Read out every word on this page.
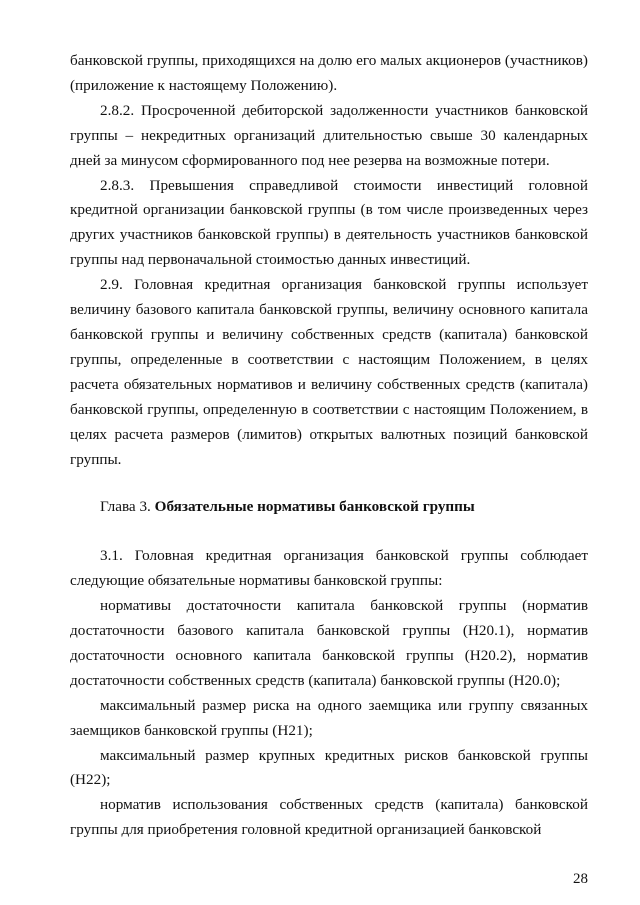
банковской группы, приходящихся на долю его малых акционеров (участников) (приложение к настоящему Положению).

2.8.2. Просроченной дебиторской задолженности участников банковской группы – некредитных организаций длительностью свыше 30 календарных дней за минусом сформированного под нее резерва на возможные потери.

2.8.3. Превышения справедливой стоимости инвестиций головной кредитной организации банковской группы (в том числе произведенных через других участников банковской группы) в деятельность участников банковской группы над первоначальной стоимостью данных инвестиций.

2.9. Головная кредитная организация банковской группы использует величину базового капитала банковской группы, величину основного капитала банковской группы и величину собственных средств (капитала) банковской группы, определенные в соответствии с настоящим Положением, в целях расчета обязательных нормативов и величину собственных средств (капитала) банковской группы, определенную в соответствии с настоящим Положением, в целях расчета размеров (лимитов) открытых валютных позиций банковской группы.

Глава 3. Обязательные нормативы банковской группы

3.1. Головная кредитная организация банковской группы соблюдает следующие обязательные нормативы банковской группы:

нормативы достаточности капитала банковской группы (норматив достаточности базового капитала банковской группы (Н20.1), норматив достаточности основного капитала банковской группы (Н20.2), норматив достаточности собственных средств (капитала) банковской группы (Н20.0);

максимальный размер риска на одного заемщика или группу связанных заемщиков банковской группы (Н21);

максимальный размер крупных кредитных рисков банковской группы (Н22);

норматив использования собственных средств (капитала) банковской группы для приобретения головной кредитной организацией банковской

28
